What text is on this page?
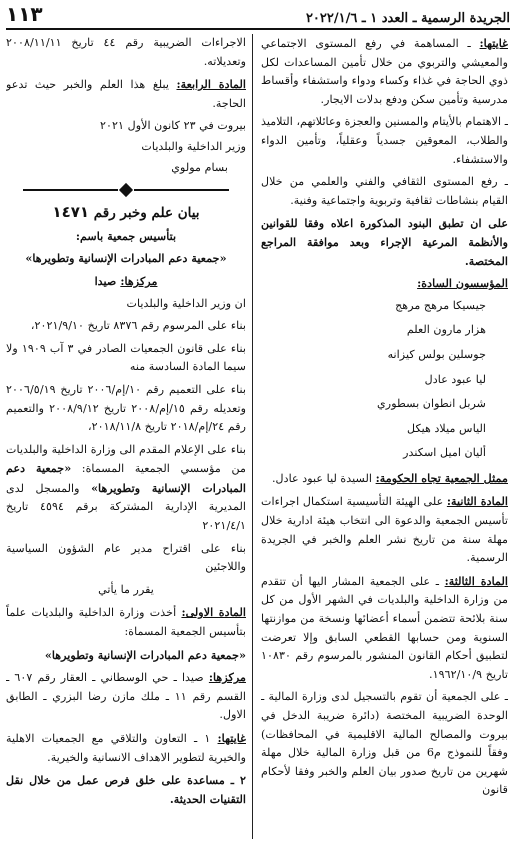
الجريدة الرسمية ـ العدد ١ ـ ٢٠٢٢/١/٦
١١٣

غايتها: ـ المساهمة في رفع المستوى الاجتماعي والمعيشي والتربوي من خلال تأمين المساعدات لكل ذوي الحاجة في غذاء وكساء ودواء واستشفاء وأقساط مدرسية وتأمين سكن ودفع بدلات الايجار.

ـ الاهتمام بالأيتام والمسنين والعجزة وعائلاتهم، التلاميذ والطلاب، المعوقين جسدياً وعقلياً، وتأمين الدواء والاستشفاء.

ـ رفع المستوى الثقافي والفني والعلمي من خلال القيام بنشاطات ثقافية وتربوية واجتماعية وفنية.

على ان تطبق البنود المذكورة اعلاه وفقا للقوانين والأنظمة المرعية الإجراء وبعد موافقة المراجع المختصة.

المؤسسون السادة:

جيسيكا مرهج مرهج

هزار مارون العلم

جوسلين بولس كيزانه

ليا عبود عادل

شربل انطوان بسطوري

الياس ميلاد هيكل

أليان اميل اسكندر

ممثل الجمعية تجاه الحكومة: السيدة ليا عبود عادل.

المادة الثانية: على الهيئة التأسيسية استكمال اجراءات تأسيس الجمعية والدعوة الى انتخاب هيئة ادارية خلال مهلة سنة من تاريخ نشر العلم والخبر في الجريدة الرسمية.

المادة الثالثة: ـ على الجمعية المشار اليها أن تتقدم من وزارة الداخلية والبلديات في الشهر الأول من كل سنة بلائحة تتضمن أسماء أعضائها ونسخة من موازنتها السنوية ومن حسابها القطعي السابق وإلا تعرضت لتطبيق أحكام القانون المنشور بالمرسوم رقم ١٠٨٣٠ تاريخ ١٩٦٢/١٠/٩.

ـ على الجمعية أن تقوم بالتسجيل لدى وزارة المالية ـ الوحدة الضريبية المختصة (دائرة ضريبة الدخل في بيروت والمصالح المالية الاقليمية في المحافظات) وفقاً للنموذج م6 من قبل وزارة المالية خلال مهلة شهرين من تاريخ صدور بيان العلم والخبر وفقا لأحكام قانون

الاجراءات الضريبية رقم ٤٤ تاريخ ٢٠٠٨/١١/١١ وتعديلاته.

المادة الرابعة: يبلغ هذا العلم والخبر حيث تدعو الحاجة.

بيروت في ٢٣ كانون الأول ٢٠٢١

وزير الداخلية والبلديات

بسام مولوي

بيان علم وخبر رقم ١٤٧١

بتأسيس جمعية باسم:

«جمعية دعم المبادرات الإنسانية وتطويرها»

مركزها: صيدا

ان وزير الداخلية والبلديات

بناء على المرسوم رقم ٨٣٧٦ تاريخ ٢٠٢١/٩/١٠،

بناء على قانون الجمعيات الصادر في ٣ آب ١٩٠٩ ولا سيما المادة السادسة منه

بناء على التعميم رقم ١٠/إم/٢٠٠٦ تاريخ ٢٠٠٦/٥/١٩ وتعديله رقم ١٥/إم/٢٠٠٨ تاريخ ٢٠٠٨/٩/١٢ والتعميم رقم ٢٤/إم/٢٠١٨ تاريخ ٢٠١٨/١١/٨،

بناء على الإعلام المقدم الى وزارة الداخلية والبلديات من مؤسسي الجمعية المسماة: «جمعية دعم المبادرات الإنسانية وتطويرها» والمسجل لدى المديرية الإدارية المشتركة برقم ٤٥٩٤ تاريخ ٢٠٢١/٤/١

بناء على اقتراح مدير عام الشؤون السياسية واللاجئين

يقرر ما يأتي

المادة الاولى: أخذت وزارة الداخلية والبلديات علماً بتأسيس الجمعية المسماة:

«جمعية دعم المبادرات الإنسانية وتطويرها»

مركزها: صيدا ـ حي الوسطاني ـ العقار رقم ٦٠٧ ـ القسم رقم ١١ ـ ملك مازن رضا البزري ـ الطابق الاول.

غايتها: ١ ـ التعاون والتلاقي مع الجمعيات الاهلية والخيرية لتطوير الاهداف الانسانية والخيرية.

٢ ـ مساعدة على خلق فرص عمل من خلال نقل التقنيات الحديثة.
